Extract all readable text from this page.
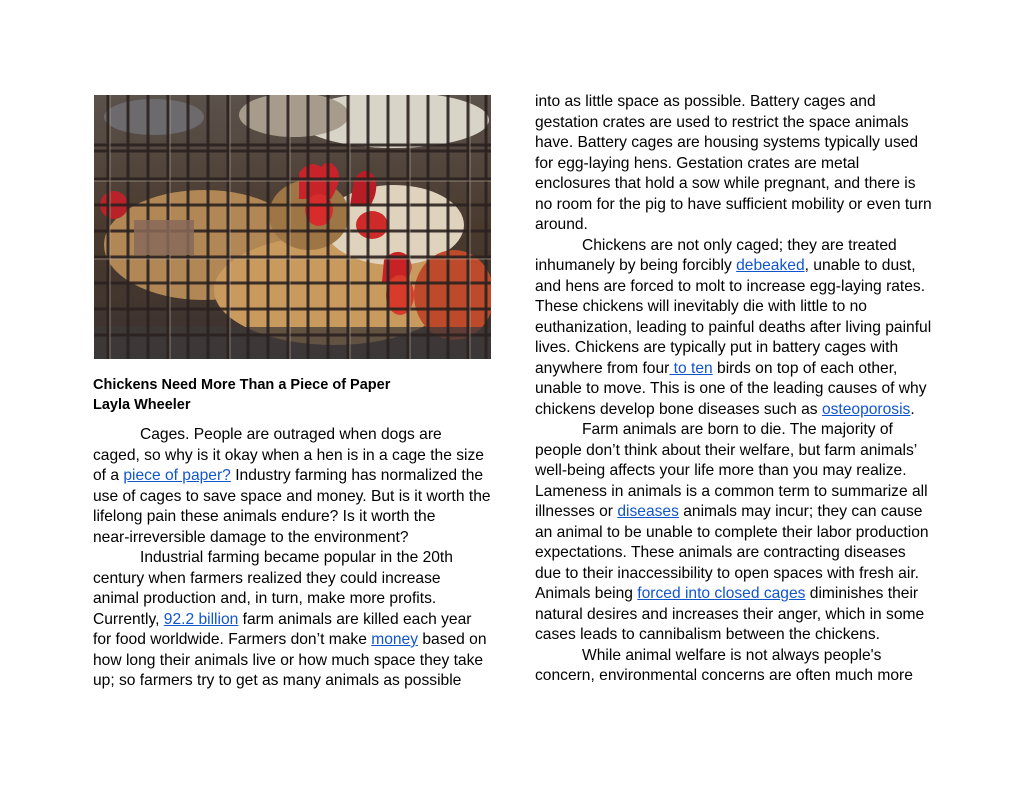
Chickens Need More Than a Piece of Paper
Layla Wheeler

Cages. People are outraged when dogs are

caged, so why is it okay when a hen is in a cage the size

of a piece of paper? Industry farming has normalized the

use of cages to save space and money. But is it worth the

lifelong pain these animals endure? Is it worth the

near-irreversible damage to the environment?

Industrial farming became popular in the 20th

century when farmers realized they could increase

animal production and, in turn, make more profits.

Currently, 92.2 billion farm animals are killed each year

for food worldwide. Farmers don’t make money based on

how long their animals live or how much space they take

up; so farmers try to get as many animals as possible

into as little space as possible. Battery cages and

gestation crates are used to restrict the space animals

have. Battery cages are housing systems typically used

for egg-laying hens. Gestation crates are metal

enclosures that hold a sow while pregnant, and there is

no room for the pig to have sufficient mobility or even turn

around.

Chickens are not only caged; they are treated

inhumanely by being forcibly debeaked, unable to dust,

and hens are forced to molt to increase egg-laying rates.

These chickens will inevitably die with little to no

euthanization, leading to painful deaths after living painful

lives. Chickens are typically put in battery cages with

anywhere from four to ten birds on top of each other,

unable to move. This is one of the leading causes of why

chickens develop bone diseases such as osteoporosis.

Farm animals are born to die. The majority of

people don’t think about their welfare, but farm animals’

well-being affects your life more than you may realize.

Lameness in animals is a common term to summarize all

illnesses or diseases animals may incur; they can cause

an animal to be unable to complete their labor production

expectations. These animals are contracting diseases

due to their inaccessibility to open spaces with fresh air.

Animals being forced into closed cages diminishes their

natural desires and increases their anger, which in some

cases leads to cannibalism between the chickens.

While animal welfare is not always people's

concern, environmental concerns are often much more
